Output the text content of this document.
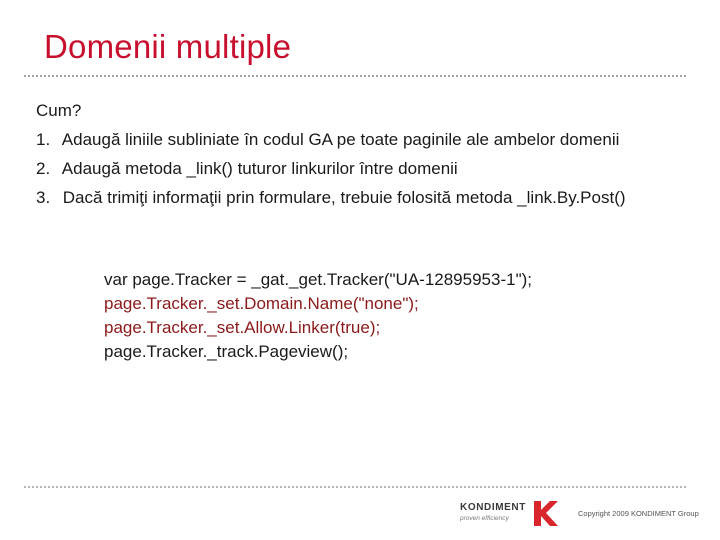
Domenii multiple
Cum?
1. Adaugă liniile subliniate în codul GA pe toate paginile ale ambelor domenii
2. Adaugă metoda _link() tuturor linkurilor între domenii
3. Dacă trimiţi informaţii prin formulare, trebuie folosită metoda _link.By.Post()
var page.Tracker = _gat._get.Tracker("UA-12895953-1");
page.Tracker._set.Domain.Name("none");
page.Tracker._set.Allow.Linker(true);
page.Tracker._track.Pageview();
KONDIMENT
proven efficiency
Copyright 2009 KONDIMENT Group
